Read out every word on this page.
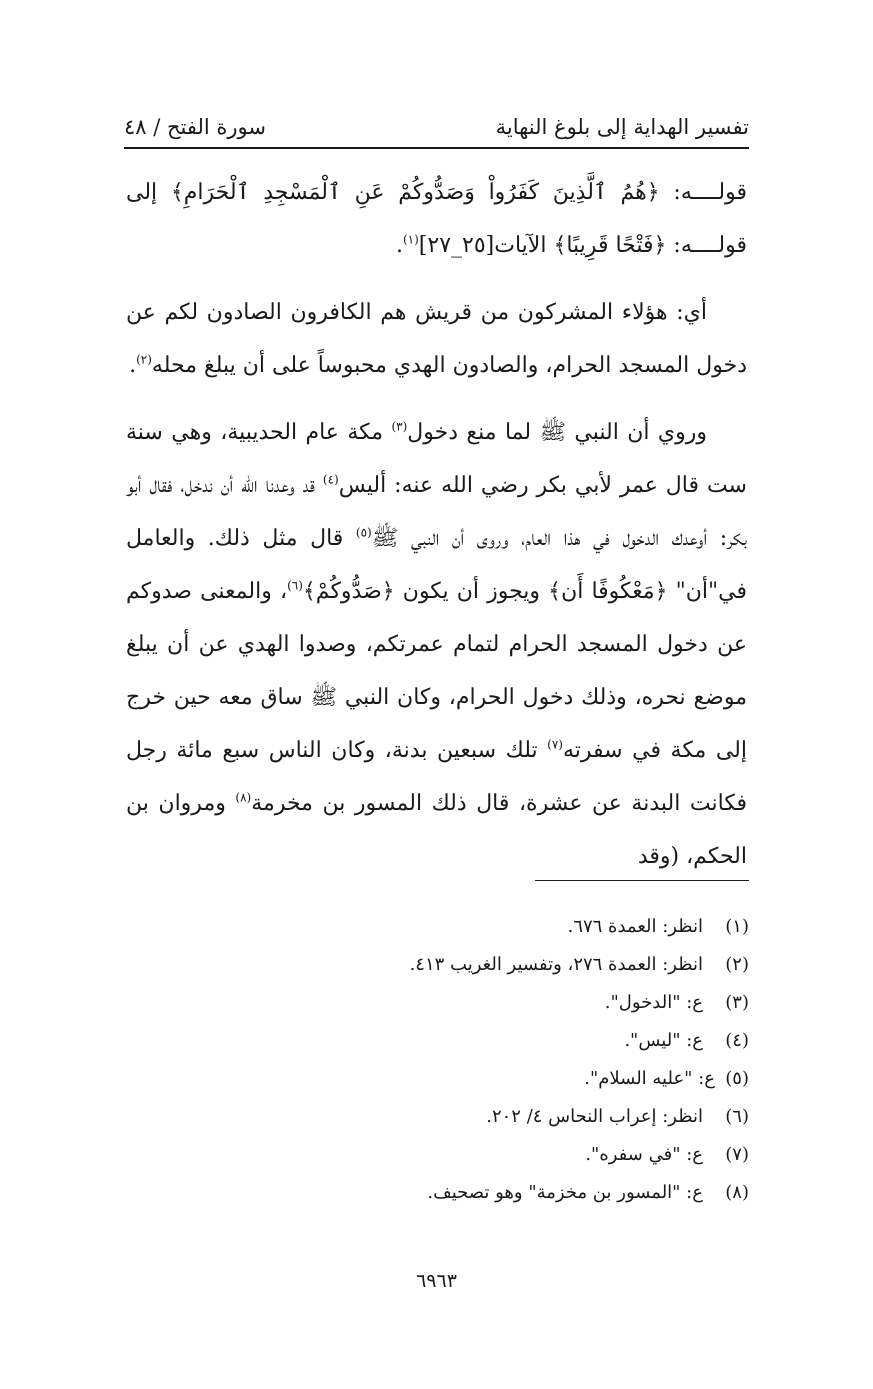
تفسير الهداية إلى بلوغ النهاية
سورة الفتح / ٤٨

قولــــه: ﴿هُمُ ٱلَّذِينَ كَفَرُواْ وَصَدُّوكُمْ عَنِ ٱلْمَسْجِدِ ٱلْحَرَامِ﴾ إلى قولــــه: ﴿فَتْحًا قَرِيبًا﴾ الآيات[٢٥_٢٧]$^{(١)}$.

أي: هؤلاء المشركون من قريش هم الكافرون الصادون لكم عن دخول المسجد الحرام، والصادون الهدي محبوساً على أن يبلغ محله$^{(٢)}$.

وروي أن النبي ﷺ لما منع دخول$^{(٣)}$ مكة عام الحديبية، وهي سنة ست قال عمر لأبي بكر رضي الله عنه: أليس$^{(٤)}$ قد وعدنا الله أن ندخل، فقال أبو بكر: أوعدك الدخول في هذا العام، وروى أن النبي ﷺ$^{(٥)}$ قال مثل ذلك. والعامل في"أن" ﴿مَعْكُوفًا أَن﴾ ويجوز أن يكون ﴿صَدُّوكُمْ﴾$^{(٦)}$، والمعنى صدوكم عن دخول المسجد الحرام لتمام عمرتكم، وصدوا الهدي عن أن يبلغ موضع نحره، وذلك دخول الحرام، وكان النبي ﷺ ساق معه حين خرج إلى مكة في سفرته$^{(٧)}$ تلك سبعين بدنة، وكان الناس سبع مائة رجل فكانت البدنة عن عشرة، قال ذلك المسور بن مخرمة$^{(٨)}$ ومروان بن الحكم، (وقد

(١)
انظر: العمدة ٦٧٦.
(٢)
انظر: العمدة ٢٧٦، وتفسير الغريب ٤١٣.
(٣)
ع: "الدخول".
(٤)
ع: "ليس".
(٥)
ع: "عليه السلام".
(٦)
انظر: إعراب النحاس ٤/ ٢٠٢.
(٧)
ع: "في سفره".
(٨)
ع: "المسور بن مخزمة" وهو تصحيف.
٦٩٦٣
